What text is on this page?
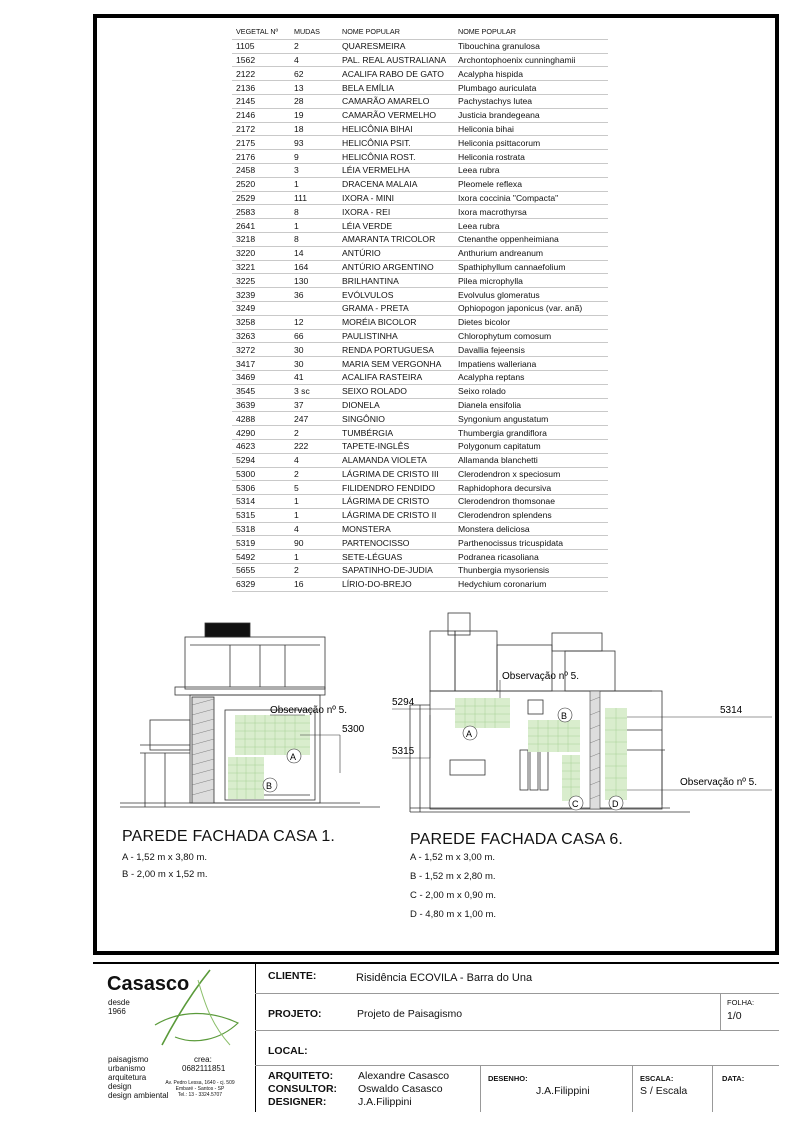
VEGETAL Nº	MUDAS	NOME POPULAR	NOME POPULAR
1105	2	QUARESMEIRA	Tibouchina granulosa
1562	4	PAL. REAL AUSTRALIANA	Archontophoenix cunninghamii
2122	62	ACALIFA RABO DE GATO	Acalypha hispida
2136	13	BELA EMÍLIA	Plumbago auriculata
2145	28	CAMARÃO AMARELO	Pachystachys lutea
2146	19	CAMARÃO VERMELHO	Justicia brandegeana
2172	18	HELICÔNIA BIHAI	Heliconia bihai
2175	93	HELICÔNIA PSIT.	Heliconia psittacorum
2176	9	HELICÔNIA ROST.	Heliconia rostrata
2458	3	LÉIA VERMELHA	Leea rubra
2520	1	DRACENA MALAIA	Pleomele reflexa
2529	111	IXORA - MINI	Ixora coccinia "Compacta"
2583	8	IXORA - REI	Ixora macrothyrsa
2641	1	LÉIA VERDE	Leea rubra
3218	8	AMARANTA TRICOLOR	Ctenanthe oppenheimiana
3220	14	ANTÚRIO	Anthurium andreanum
3221	164	ANTÚRIO ARGENTINO	Spathiphyllum cannaefolium
3225	130	BRILHANTINA	Pilea microphylla
3239	36	EVÓLVULOS	Evolvulus glomeratus
3249		GRAMA - PRETA	Ophiopogon japonicus (var. anã)
3258	12	MORÉIA BICOLOR	Dietes bicolor
3263	66	PAULISTINHA	Chlorophytum comosum
3272	30	RENDA PORTUGUESA	Davallia fejeensis
3417	30	MARIA SEM VERGONHA	Impatiens walleriana
3469	41	ACALIFA RASTEIRA	Acalypha reptans
3545	3 sc	SEIXO ROLADO	Seixo rolado
3639	37	DIONELA	Dianela ensifolia
4288	247	SINGÔNIO	Syngonium angustatum
4290	2	TUMBÉRGIA	Thumbergia grandiflora
4623	222	TAPETE-INGLÊS	Polygonum capitatum
5294	4	ALAMANDA VIOLETA	Allamanda blanchetti
5300	2	LÁGRIMA DE CRISTO III	Clerodendron x speciosum
5306	5	FILIDENDRO FENDIDO	Raphidophora decursiva
5314	1	LÁGRIMA DE CRISTO	Clerodendron thomsonae
5315	1	LÁGRIMA DE CRISTO II	Clerodendron splendens
5318	4	MONSTERA	Monstera deliciosa
5319	90	PARTENOCISSO	Parthenocissus tricuspidata
5492	1	SETE-LÉGUAS	Podranea ricasoliana
5655	2	SAPATINHO-DE-JUDIA	Thunbergia mysoriensis
6329	16	LÍRIO-DO-BREJO	Hedychium coronarium
Observação nº 5.
5300
A
B
Observação nº 5.
5294
5315
5314
Observação nº 5.
A
B
C	D
PAREDE FACHADA CASA 1.
A - 1,52 m x 3,80 m.
B - 2,00 m x 1,52 m.
PAREDE FACHADA CASA 6.
A - 1,52 m x 3,00 m.
B - 1,52 m x 2,80 m.
C - 2,00 m x 0,90 m.
D - 4,80 m x 1,00 m.
Casasco
desde
1966
paisagismo
urbanismo
arquitetura
design
design ambiental
crea:
0682111851
Av. Pedro Lessa, 1640 - cj. 509
Embaré - Santos - SP
Tel.: 13 - 3324.5707
CLIENTE:	Risidência ECOVILA - Barra do Una
PROJETO:	Projeto de Paisagismo
FOLHA:
1/0
LOCAL:
ARQUITETO: Alexandre Casasco
CONSULTOR: Oswaldo Casasco
DESIGNER:	J.A.Filippini
DESENHO:
J.A.Filippini
ESCALA:
S / Escala
DATA:
